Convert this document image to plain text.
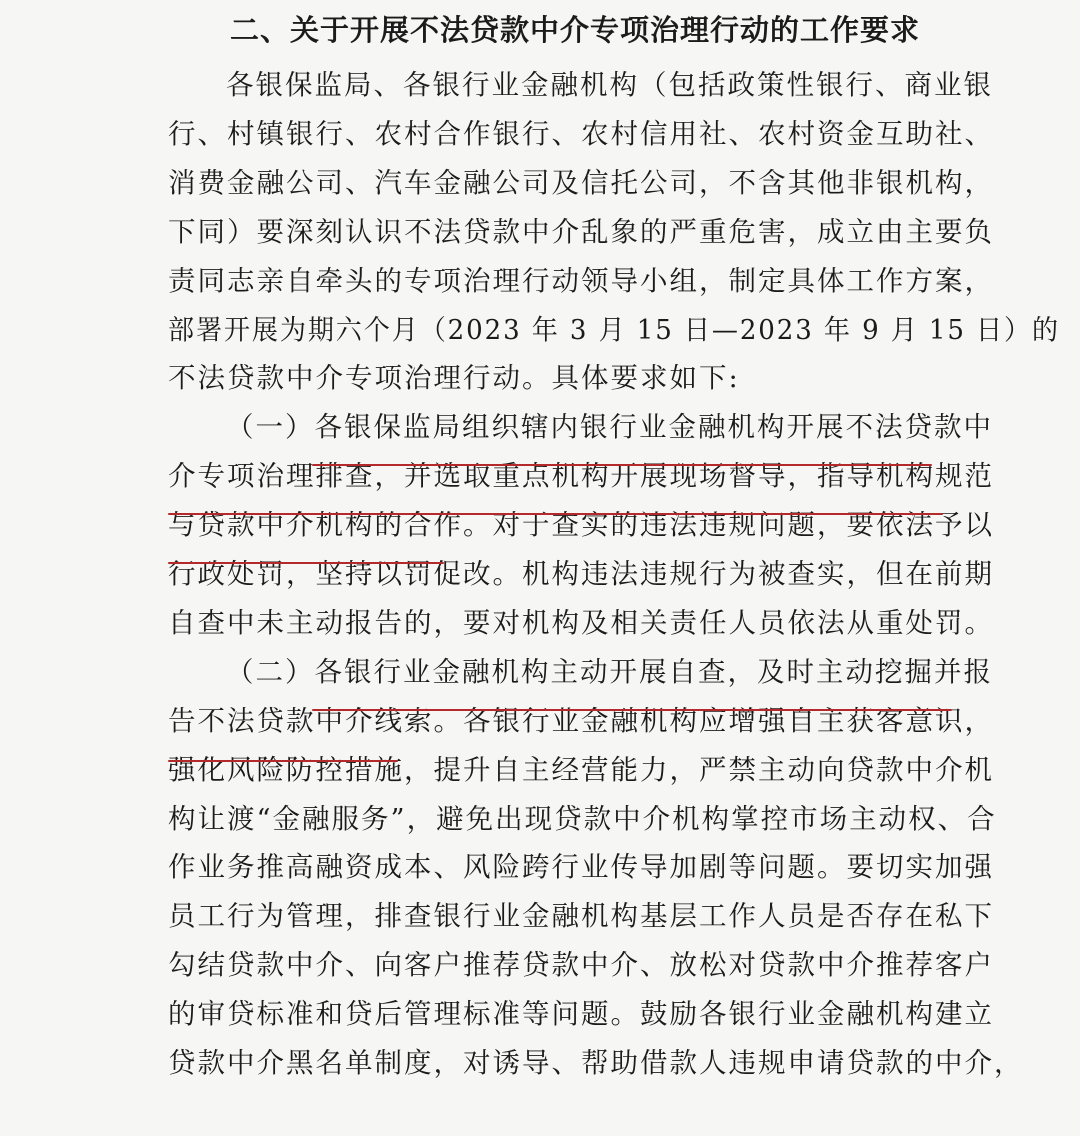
二、关于开展不法贷款中介专项治理行动的工作要求
各银保监局、各银行业金融机构（包括政策性银行、商业银
行、村镇银行、农村合作银行、农村信用社、农村资金互助社、
消费金融公司、汽车金融公司及信托公司，不含其他非银机构，
下同）要深刻认识不法贷款中介乱象的严重危害，成立由主要负
责同志亲自牵头的专项治理行动领导小组，制定具体工作方案，
部署开展为期六个月（2023 年 3 月 15 日—2023 年 9 月 15 日）的
不法贷款中介专项治理行动。具体要求如下:
（一）各银保监局组织辖内银行业金融机构开展不法贷款中
介专项治理排查，并选取重点机构开展现场督导，指导机构规范
与贷款中介机构的合作。对于查实的违法违规问题，要依法予以
行政处罚，坚持以罚促改。机构违法违规行为被查实，但在前期
自查中未主动报告的，要对机构及相关责任人员依法从重处罚。
（二）各银行业金融机构主动开展自查，及时主动挖掘并报
告不法贷款中介线索。各银行业金融机构应增强自主获客意识，
强化风险防控措施，提升自主经营能力，严禁主动向贷款中介机
构让渡“金融服务”，避免出现贷款中介机构掌控市场主动权、合
作业务推高融资成本、风险跨行业传导加剧等问题。要切实加强
员工行为管理，排查银行业金融机构基层工作人员是否存在私下
勾结贷款中介、向客户推荐贷款中介、放松对贷款中介推荐客户
的审贷标准和贷后管理标准等问题。鼓励各银行业金融机构建立
贷款中介黑名单制度，对诱导、帮助借款人违规申请贷款的中介，
